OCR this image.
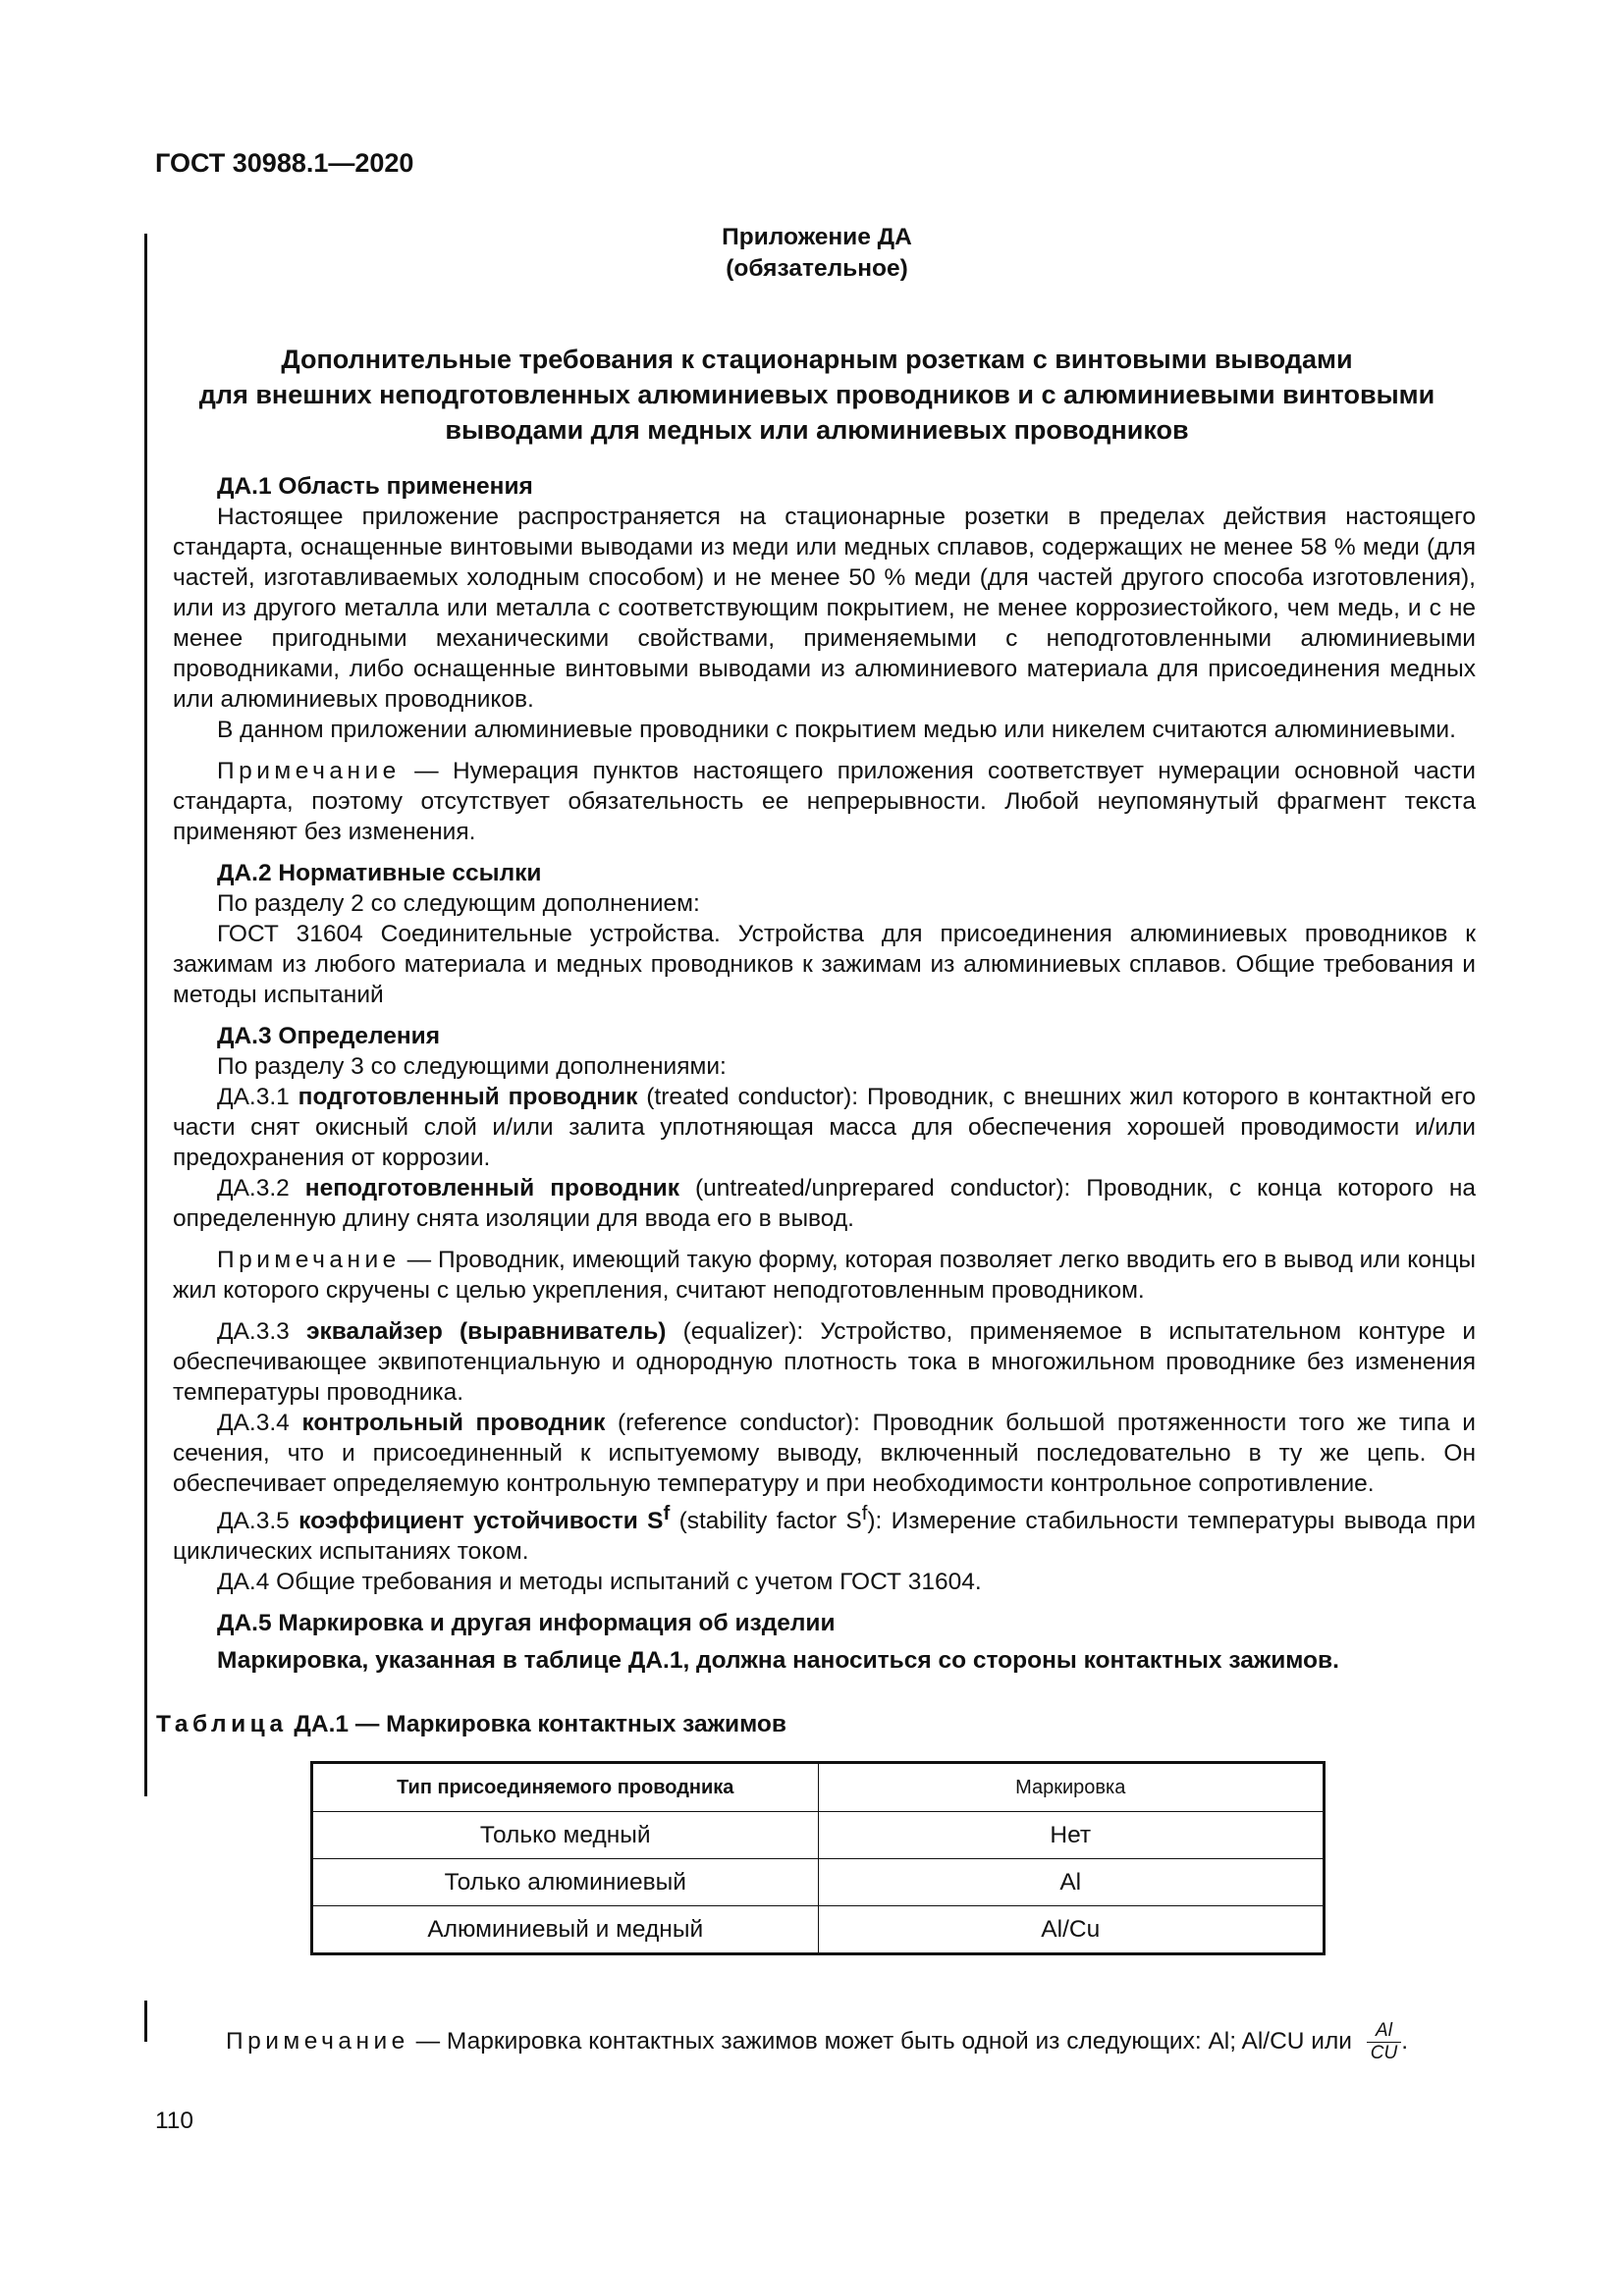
ГОСТ 30988.1—2020
Приложение ДА
(обязательное)
Дополнительные требования к стационарным розеткам с винтовыми выводами
для внешних неподготовленных алюминиевых проводников и с алюминиевыми винтовыми
выводами для медных или алюминиевых проводников
ДА.1 Область применения

Настоящее приложение распространяется на стационарные розетки в пределах действия настоящего стандарта, оснащенные винтовыми выводами из меди или медных сплавов, содержащих не менее 58 % меди (для частей, изготавливаемых холодным способом) и не менее 50 % меди (для частей другого способа изготовления), или из другого металла или металла с соответствующим покрытием, не менее коррозиестойкого, чем медь, и с не менее пригодными механическими свойствами, применяемыми с неподготовленными алюминиевыми проводниками, либо оснащенные винтовыми выводами из алюминиевого материала для присоединения медных или алюминиевых проводников.

В данном приложении алюминиевые проводники с покрытием медью или никелем считаются алюминиевыми.

Примечание — Нумерация пунктов настоящего приложения соответствует нумерации основной части стандарта, поэтому отсутствует обязательность ее непрерывности. Любой неупомянутый фрагмент текста применяют без изменения.

ДА.2 Нормативные ссылки

По разделу 2 со следующим дополнением:

ГОСТ 31604 Соединительные устройства. Устройства для присоединения алюминиевых проводников к зажимам из любого материала и медных проводников к зажимам из алюминиевых сплавов. Общие требования и методы испытаний

ДА.3 Определения

По разделу 3 со следующими дополнениями:

ДА.3.1 подготовленный проводник (treated conductor): Проводник, с внешних жил которого в контактной его части снят окисный слой и/или залита уплотняющая масса для обеспечения хорошей проводимости и/или предохранения от коррозии.

ДА.3.2 неподготовленный проводник (untreated/unprepared conductor): Проводник, с конца которого на определенную длину снята изоляции для ввода его в вывод.

Примечание — Проводник, имеющий такую форму, которая позволяет легко вводить его в вывод или концы жил которого скручены с целью укрепления, считают неподготовленным проводником.

ДА.3.3 эквалайзер (выравниватель) (equalizer): Устройство, применяемое в испытательном контуре и обеспечивающее эквипотенциальную и однородную плотность тока в многожильном проводнике без изменения температуры проводника.

ДА.3.4 контрольный проводник (reference conductor): Проводник большой протяженности того же типа и сечения, что и присоединенный к испытуемому выводу, включенный последовательно в ту же цепь. Он обеспечивает определяемую контрольную температуру и при необходимости контрольное сопротивление.

ДА.3.5 коэффициент устойчивости $S^f$ (stability factor $S^f$): Измерение стабильности температуры вывода при циклических испытаниях током.

ДА.4 Общие требования и методы испытаний с учетом ГОСТ 31604.

ДА.5 Маркировка и другая информация об изделии

Маркировка, указанная в таблице ДА.1, должна наноситься со стороны контактных зажимов.

Таблица ДА.1 — Маркировка контактных зажимов

Тип присоединяемого проводника	Маркировка
Только медный	Нет
Только алюминиевый	Al
Алюминиевый и медный	Al/Cu
Примечание — Маркировка контактных зажимов может быть одной из следующих: Al; Al/CU или $\frac{Al}{CU}$ .
110
